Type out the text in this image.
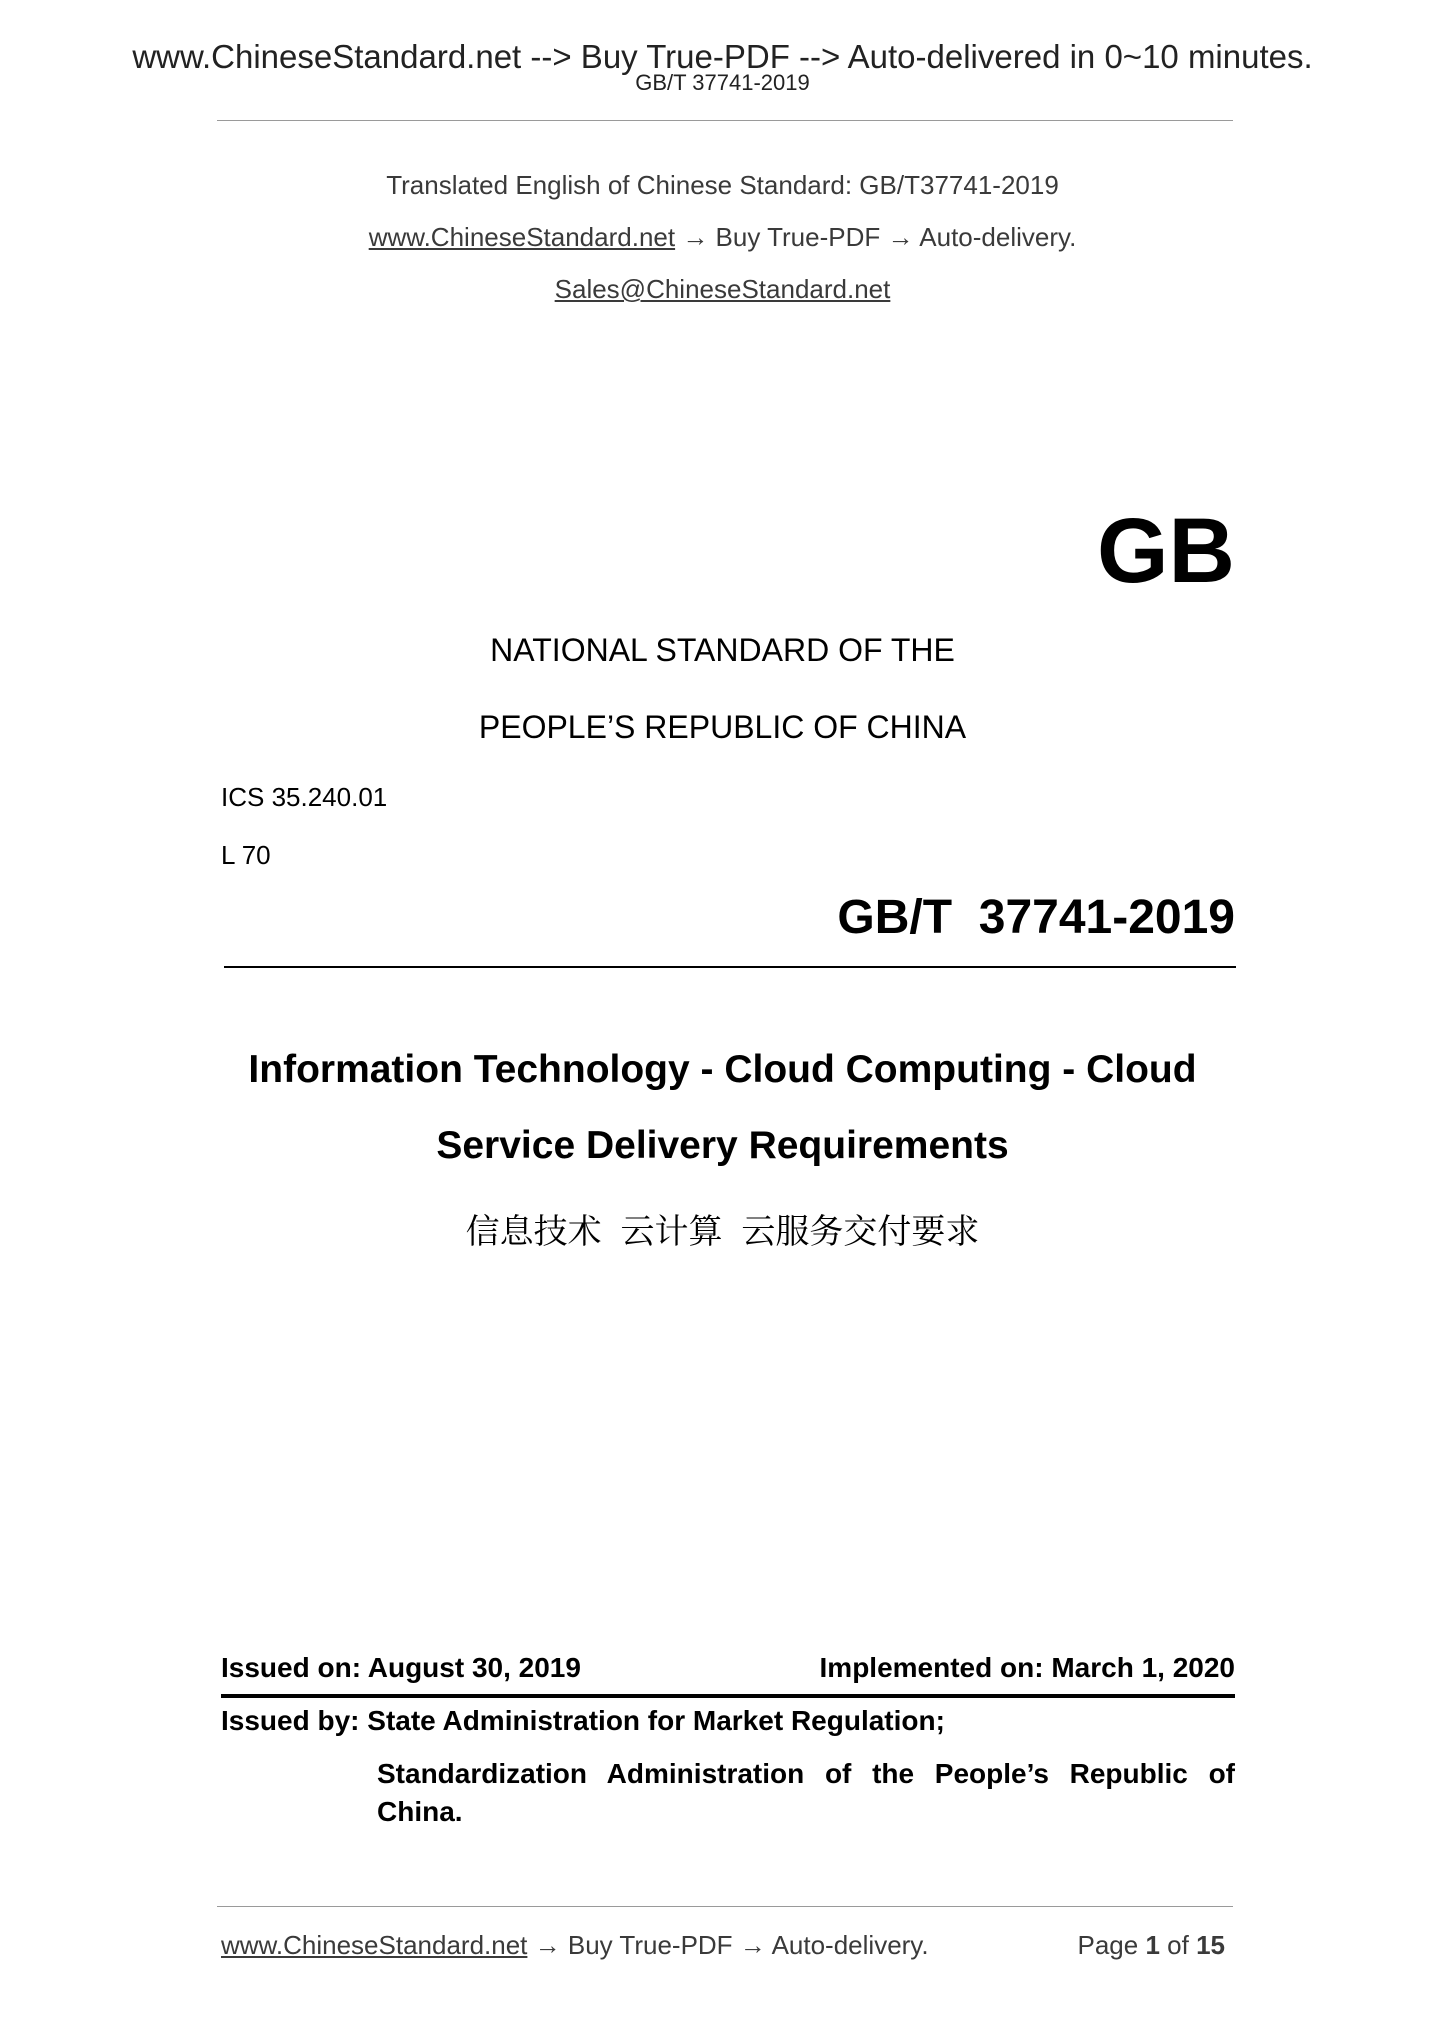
www.ChineseStandard.net --> Buy True-PDF --> Auto-delivered in 0~10 minutes.
GB/T 37741-2019
Translated English of Chinese Standard: GB/T37741-2019
www.ChineseStandard.net → Buy True-PDF → Auto-delivery.
Sales@ChineseStandard.net
GB
NATIONAL STANDARD OF THE
PEOPLE’S REPUBLIC OF CHINA
ICS 35.240.01
L 70
GB/T  37741-2019
Information Technology - Cloud Computing - Cloud
Service Delivery Requirements
信息技术  云计算  云服务交付要求
Issued on: August 30, 2019	Implemented on: March 1, 2020
Issued by: State Administration for Market Regulation;
Standardization Administration of the People’s Republic of
China.
www.ChineseStandard.net → Buy True-PDF → Auto-delivery.	Page 1 of 15
